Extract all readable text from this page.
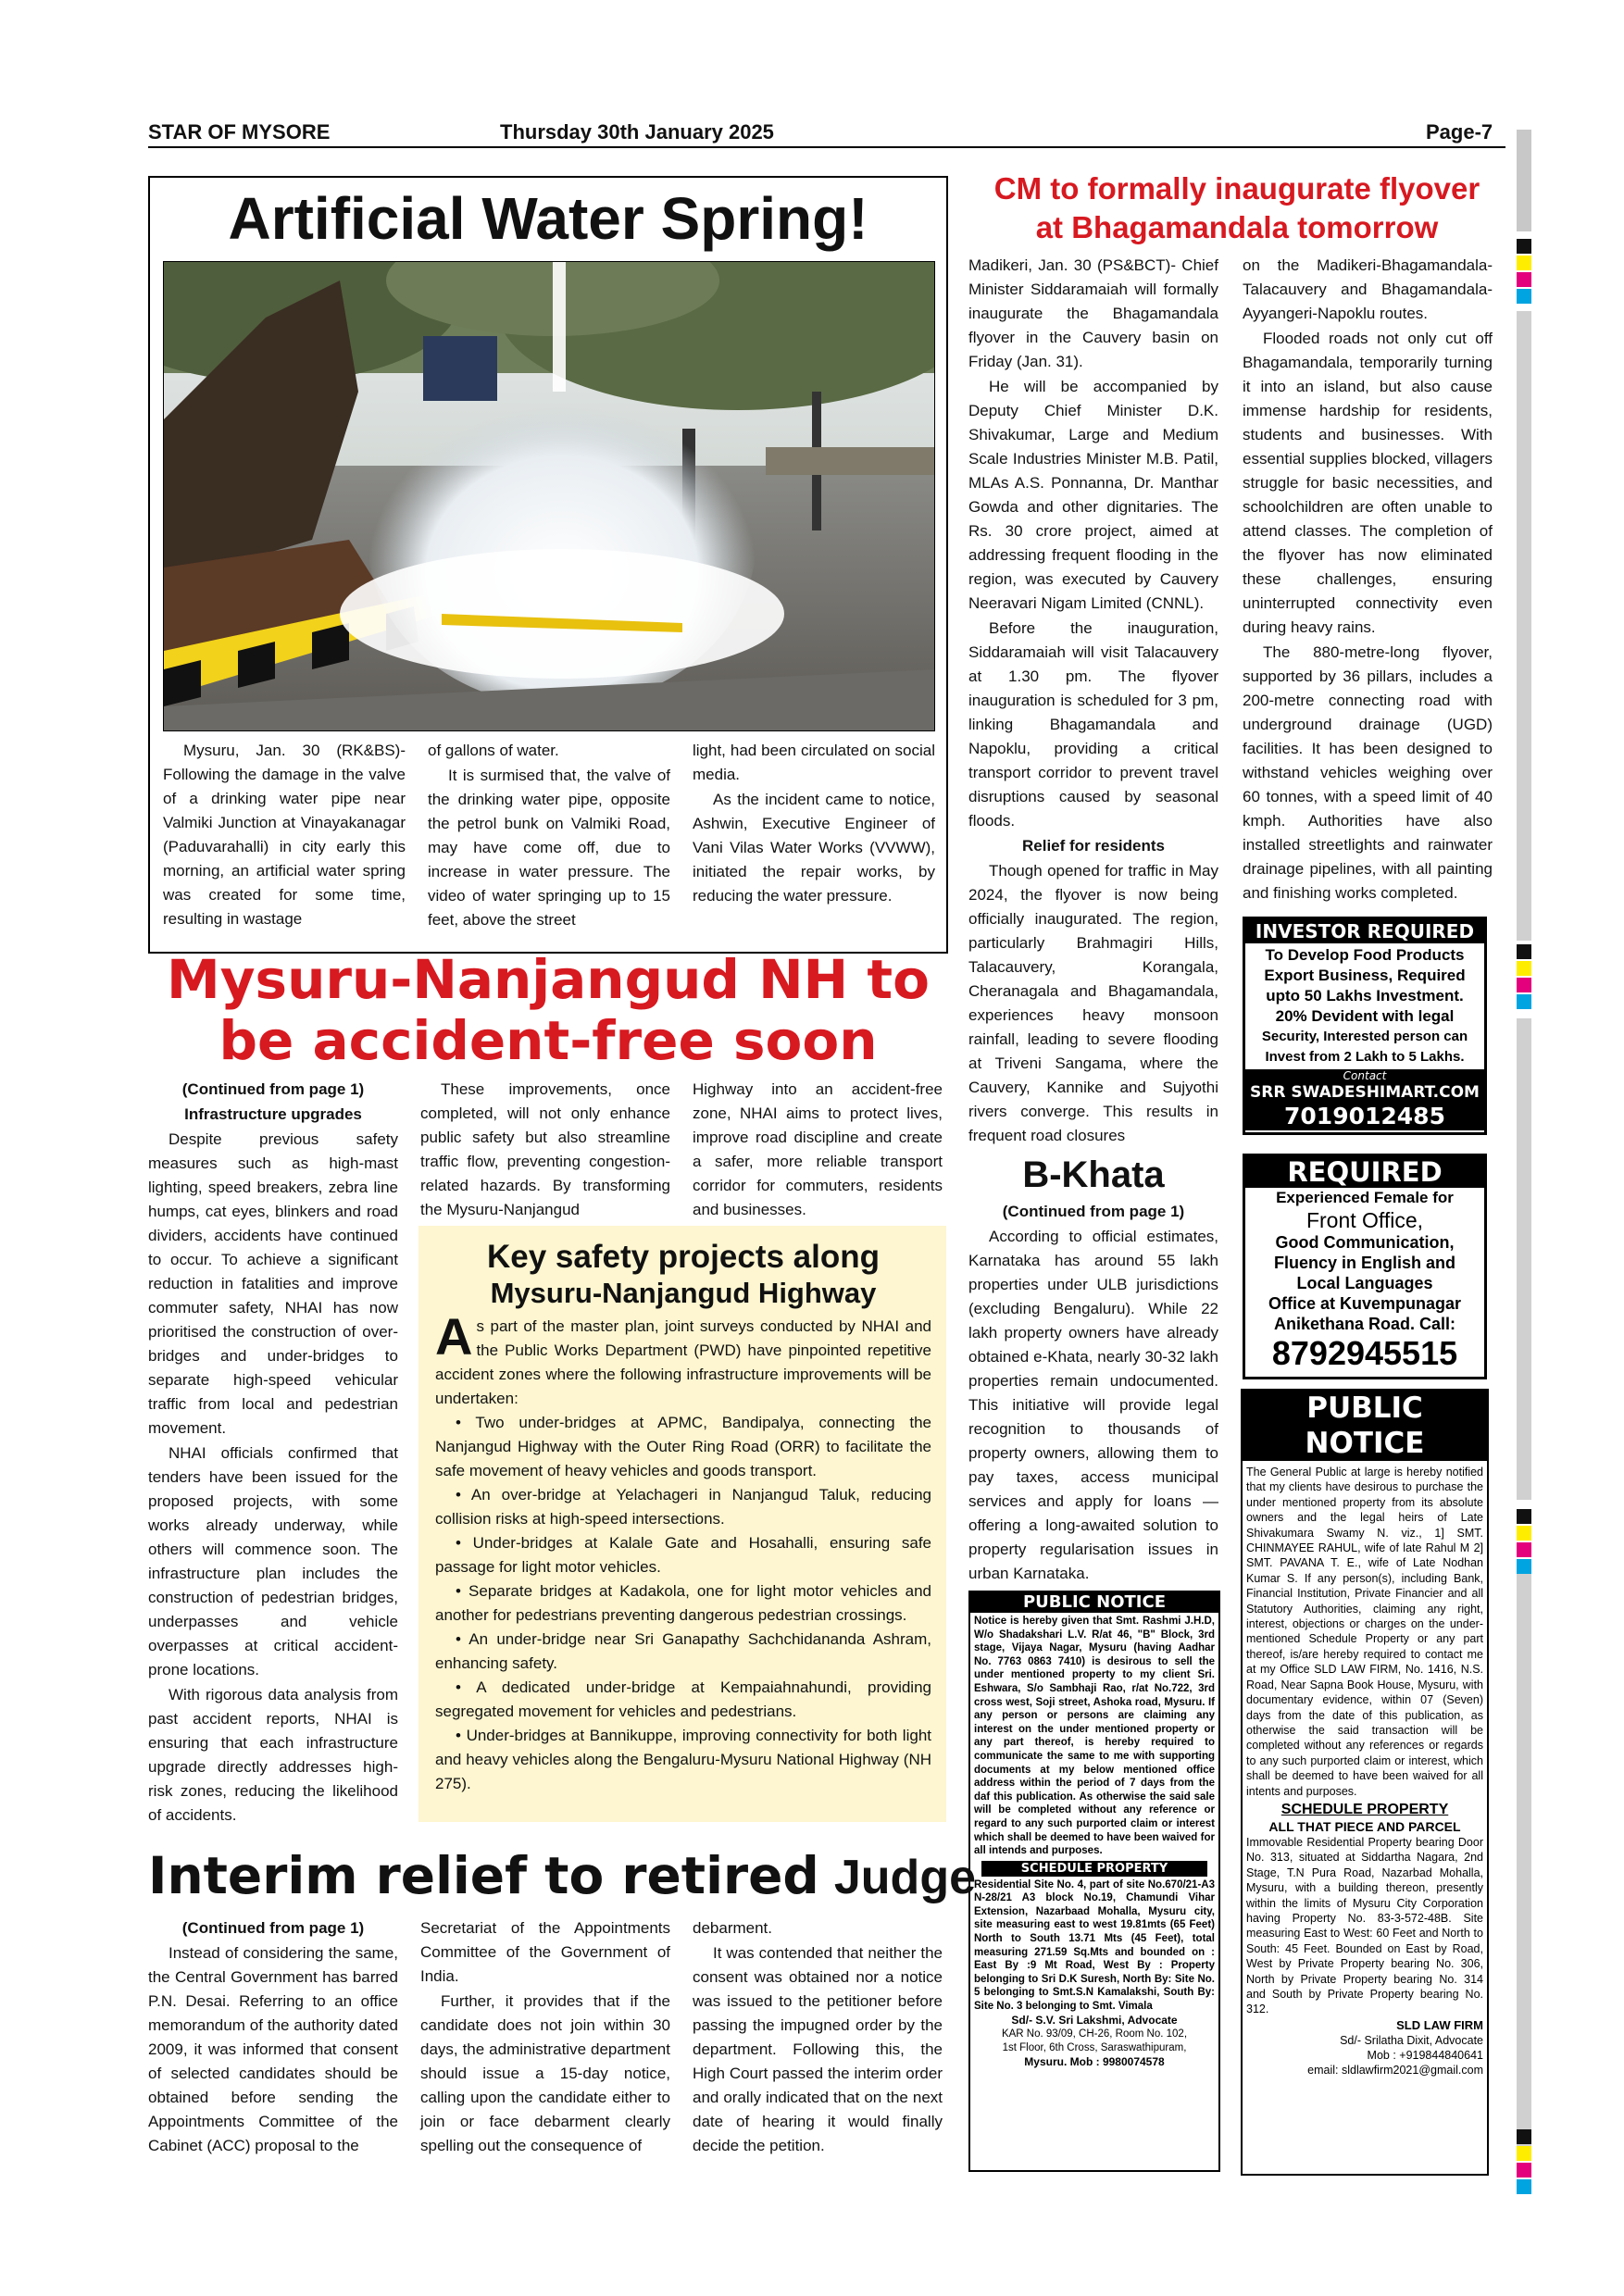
STAR OF MYSORE	Thursday 30th January 2025	Page-7
Artificial Water Spring!

Mysuru, Jan. 30 (RK&BS)- Following the damage in the valve of a drinking water pipe near Valmiki Junction at Vinayakanagar (Paduvarahalli) in city early this morning, an artificial water spring was created for some time, resulting in wastage

of gallons of water.

It is surmised that, the valve of the drinking water pipe, opposite the petrol bunk on Valmiki Road, may have come off, due to increase in water pressure. The video of water springing up to 15 feet, above the street

light, had been circulated on social media.

As the incident came to notice, Ashwin, Executive Engineer of Vani Vilas Water Works (VVWW), initiated the repair works, by reducing the water pressure.

CM to formally inaugurate flyover
at Bhagamandala tomorrow

Madikeri, Jan. 30 (PS&BCT)- Chief Minister Siddaramaiah will formally inaugurate the Bhagamandala flyover in the Cauvery basin on Friday (Jan. 31).

He will be accompanied by Deputy Chief Minister D.K. Shivakumar, Large and Medium Scale Industries Minister M.B. Patil, MLAs A.S. Ponnanna, Dr. Manthar Gowda and other dignitaries. The Rs. 30 crore project, aimed at addressing frequent flooding in the region, was executed by Cauvery Neeravari Nigam Limited (CNNL).

Before the inauguration, Siddaramaiah will visit Talacauvery at 1.30 pm. The flyover inauguration is scheduled for 3 pm, linking Bhagamandala and Napoklu, providing a critical transport corridor to prevent travel disruptions caused by seasonal floods.

Relief for residents

Though opened for traffic in May 2024, the flyover is now being officially inaugurated. The region, particularly Brahmagiri Hills, Talacauvery, Korangala, Cheranagala and Bhagamandala, experiences heavy monsoon rainfall, leading to severe flooding at Triveni Sangama, where the Cauvery, Kannike and Sujyothi rivers converge. This results in frequent road closures

on the Madikeri-Bhagamandala-Talacauvery and Bhagamandala-Ayyangeri-Napoklu routes.

Flooded roads not only cut off Bhagamandala, temporarily turning it into an island, but also cause immense hardship for residents, students and businesses. With essential supplies blocked, villagers struggle for basic necessities, and schoolchildren are often unable to attend classes. The completion of the flyover has now eliminated these challenges, ensuring uninterrupted connectivity even during heavy rains.

The 880-metre-long flyover, supported by 36 pillars, includes a 200-metre connecting road with underground drainage (UGD) facilities. It has been designed to withstand vehicles weighing over 60 tonnes, with a speed limit of 40 kmph. Authorities have also installed streetlights and rainwater drainage pipelines, with all painting and finishing works completed.

INVESTOR REQUIRED
To Develop Food Products
Export Business, Required
upto 50 Lakhs Investment.
20% Devident with legal
Security, Interested person can
Invest from 2 Lakh to 5 Lakhs.
Contact
SRR SWADESHIMART.COM
7019012485
Mysuru-Nanjangud NH to
be accident-free soon

(Continued from page 1)

Infrastructure upgrades

Despite previous safety measures such as high-mast lighting, speed breakers, zebra line humps, cat eyes, blinkers and road dividers, accidents have continued to occur. To achieve a significant reduction in fatalities and improve commuter safety, NHAI has now prioritised the construction of over-bridges and under-bridges to separate high-speed vehicular traffic from local and pedestrian movement.

NHAI officials confirmed that tenders have been issued for the proposed projects, with some works already underway, while others will commence soon. The infrastructure plan includes the construction of pedestrian bridges, underpasses and vehicle overpasses at critical accident-prone locations.

With rigorous data analysis from past accident reports, NHAI is ensuring that each infrastructure upgrade directly addresses high-risk zones, reducing the likelihood of accidents.

These improvements, once completed, will not only enhance public safety but also streamline traffic flow, preventing congestion-related hazards. By transforming the Mysuru-Nanjangud

Highway into an accident-free zone, NHAI aims to protect lives, improve road discipline and create a safer, more reliable transport corridor for commuters, residents and businesses.

Key safety projects along
Mysuru-Nanjangud Highway
A s part of the master plan, joint surveys conducted by NHAI and the Public Works Department (PWD) have pinpointed repetitive accident zones where the following infrastructure improvements will be undertaken:
• Two under-bridges at APMC, Bandipalya, connecting the Nanjangud Highway with the Outer Ring Road (ORR) to facilitate the safe movement of heavy vehicles and goods transport.
• An over-bridge at Yelachageri in Nanjangud Taluk, reducing collision risks at high-speed intersections.
• Under-bridges at Kalale Gate and Hosahalli, ensuring safe passage for light motor vehicles.
• Separate bridges at Kadakola, one for light motor vehicles and another for pedestrians preventing dangerous pedestrian crossings.
• An under-bridge near Sri Ganapathy Sachchidananda Ashram, enhancing safety.
• A dedicated under-bridge at Kempaiahnahundi, providing segregated movement for vehicles and pedestrians.
• Under-bridges at Bannikuppe, improving connectivity for both light and heavy vehicles along the Bengaluru-Mysuru National Highway (NH 275).
B-Khata

(Continued from page 1)

According to official estimates, Karnataka has around 55 lakh properties under ULB jurisdictions (excluding Bengaluru). While 22 lakh property owners have already obtained e-Khata, nearly 30-32 lakh properties remain undocumented. This initiative will provide legal recognition to thousands of property owners, allowing them to pay taxes, access municipal services and apply for loans — offering a long-awaited solution to property regularisation issues in urban Karnataka.

REQUIRED
Experienced Female for
Front Office,
Good Communication,
Fluency in English and
Local Languages
Office at Kuvempunagar
Anikethana Road. Call:
8792945515
PUBLIC NOTICE
Notice is hereby given that Smt. Rashmi J.H.D, W/o Shadakshari L.V. R/at 46, "B" Block, 3rd stage, Vijaya Nagar, Mysuru (having Aadhar No. 7763 0863 7410) is desirous to sell the under mentioned property to my client Sri. Eshwara, S/o Sambhaji Rao, r/at No.722, 3rd cross west, Soji street, Ashoka road, Mysuru. If any person or persons are claiming any interest on the under mentioned property or any part thereof, is hereby required to communicate the same to me with supporting documents at my below mentioned office address within the period of 7 days from the daf this publication. As otherwise the said sale will be completed without any reference or regard to any such purported claim or interest which shall be deemed to have been waived for all intends and purposes.
SCHEDULE PROPERTY
Residential Site No. 4, part of site No.670/21-A3 N-28/21 A3 block No.19, Chamundi Vihar Extension, Nazarbaad Mohalla, Mysuru city, site measuring east to west 19.81mts (65 Feet) North to South 13.71 Mts (45 Feet), total measuring 271.59 Sq.Mts and bounded on : East By :9 Mt Road, West By : Property belonging to Sri D.K Suresh, North By: Site No. 5 belonging to Smt.S.N Kamalakshi, South By: Site No. 3 belonging to Smt. Vimala
Sd/- S.V. Sri Lakshmi, Advocate
KAR No. 93/09, CH-26, Room No. 102,
1st Floor, 6th Cross, Saraswathipuram,
Mysuru. Mob : 9980074578
PUBLIC NOTICE
The General Public at large is hereby notified that my clients have desirous to purchase the under mentioned property from its absolute owners and the legal heirs of Late Shivakumara Swamy N. viz., 1] SMT. CHINMAYEE RAHUL, wife of late Rahul M 2] SMT. PAVANA T. E., wife of Late Nodhan Kumar S. If any person(s), including Bank, Financial Institution, Private Financier and all Statutory Authorities, claiming any right, interest, objections or charges on the under-mentioned Schedule Property or any part thereof, is/are hereby required to contact me at my Office SLD LAW FIRM, No. 1416, N.S. Road, Near Sapna Book House, Mysuru, with documentary evidence, within 07 (Seven) days from the date of this publication, as otherwise the said transaction will be completed without any references or regards to any such purported claim or interest, which shall be deemed to have been waived for all intents and purposes.
SCHEDULE PROPERTY
ALL THAT PIECE AND PARCEL
Immovable Residential Property bearing Door No. 313, situated at Siddartha Nagara, 2nd Stage, T.N Pura Road, Nazarbad Mohalla, Mysuru, with a building thereon, presently within the limits of Mysuru City Corporation having Property No. 83-3-572-48B. Site measuring East to West: 60 Feet and North to South: 45 Feet. Bounded on East by Road, West by Private Property bearing No. 306, North by Private Property bearing No. 314 and South by Private Property bearing No. 312.
SLD LAW FIRM
Sd/- Srilatha Dixit, Advocate
Mob : +919844840641
email: sldlawfirm2021@gmail.com
Interim relief to retired Judge

(Continued from page 1)

Instead of considering the same, the Central Government has barred P.N. Desai. Referring to an office memorandum of the authority dated 2009, it was informed that consent of selected candidates should be obtained before sending the Appointments Committee of the Cabinet (ACC) proposal to the

Secretariat of the Appointments Committee of the Government of India.

Further, it provides that if the candidate does not join within 30 days, the administrative department should issue a 15-day notice, calling upon the candidate either to join or face debarment clearly spelling out the consequence of

debarment.

It was contended that neither the consent was obtained nor a notice was issued to the petitioner before passing the impugned order by the department. Following this, the High Court passed the interim order and orally indicated that on the next date of hearing it would finally decide the petition.
